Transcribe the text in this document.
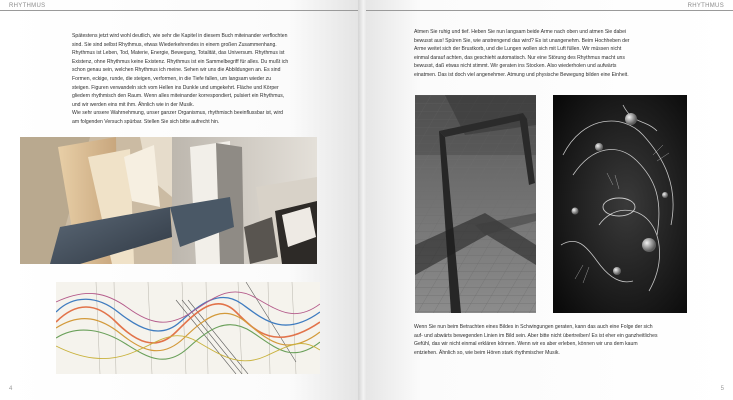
RHYTHMUS

Spätestens jetzt wird wohl deutlich, wie sehr die Kapitel in diesem Buch miteinander verflochten sind. Sie sind selbst Rhythmus, etwas Wiederkehrendes in einem großen Zusammenhang. Rhythmus ist Leben, Tod, Materie, Energie, Bewegung, Totalität, das Universum. Rhythmus ist Existenz, ohne Rhythmus keine Existenz. Rhythmus ist ein Sammelbegriff für alles. Du mußt ich schon genau sein, welchen Rhythmus ich meine. Sehen wir uns die Abbildungen an. Es sind Formen, eckige, runde, die steigen, verformen, in die Tiefe fallen, um langsam wieder zu steigen. Figuren verwandeln sich vom Hellen ins Dunkle und umgekehrt. Fläche und Körper gliedern rhythmisch den Raum. Wenn alles miteinander korrespondiert, pulsiert ein Rhythmus, und wir werden eins mit ihm. Ähnlich wie in der Musik.

Wie sehr unsere Wahrnehmung, unser ganzer Organismus, rhythmisch beeinflussbar ist, wird am folgenden Versuch spürbar. Stellen Sie sich bitte aufrecht hin.

4
RHYTHMUS

Atmen Sie ruhig und tief. Heben Sie nun langsam beide Arme nach oben und atmen Sie dabei bewusst aus! Spüren Sie, wie anstrengend das wird? Es ist unangenehm. Beim Hochheben der Arme weitet sich der Brustkorb, und die Lungen wollen sich mit Luft füllen. Wir müssen nicht einmal darauf achten, das geschieht automatisch. Nur eine Störung des Rhythmus macht uns bewusst, daß etwas nicht stimmt. Wir geraten ins Stocken. Also wiederholen und aufwärts einatmen. Das ist doch viel angenehmer. Atmung und physische Bewegung bilden eine Einheit.

Wenn Sie nun beim Betrachten eines Bildes in Schwingungen geraten, kann das auch eine Folge der sich auf- und abwärts bewegenden Linien im Bild sein. Aber bitte nicht übertreiben! Es ist eher ein ganzheitliches Gefühl, das wir nicht einmal erklären können. Wenn wir es aber erleben, können wir uns dem kaum entziehen. Ähnlich so, wie beim Hören stark rhythmischer Musik.

5
